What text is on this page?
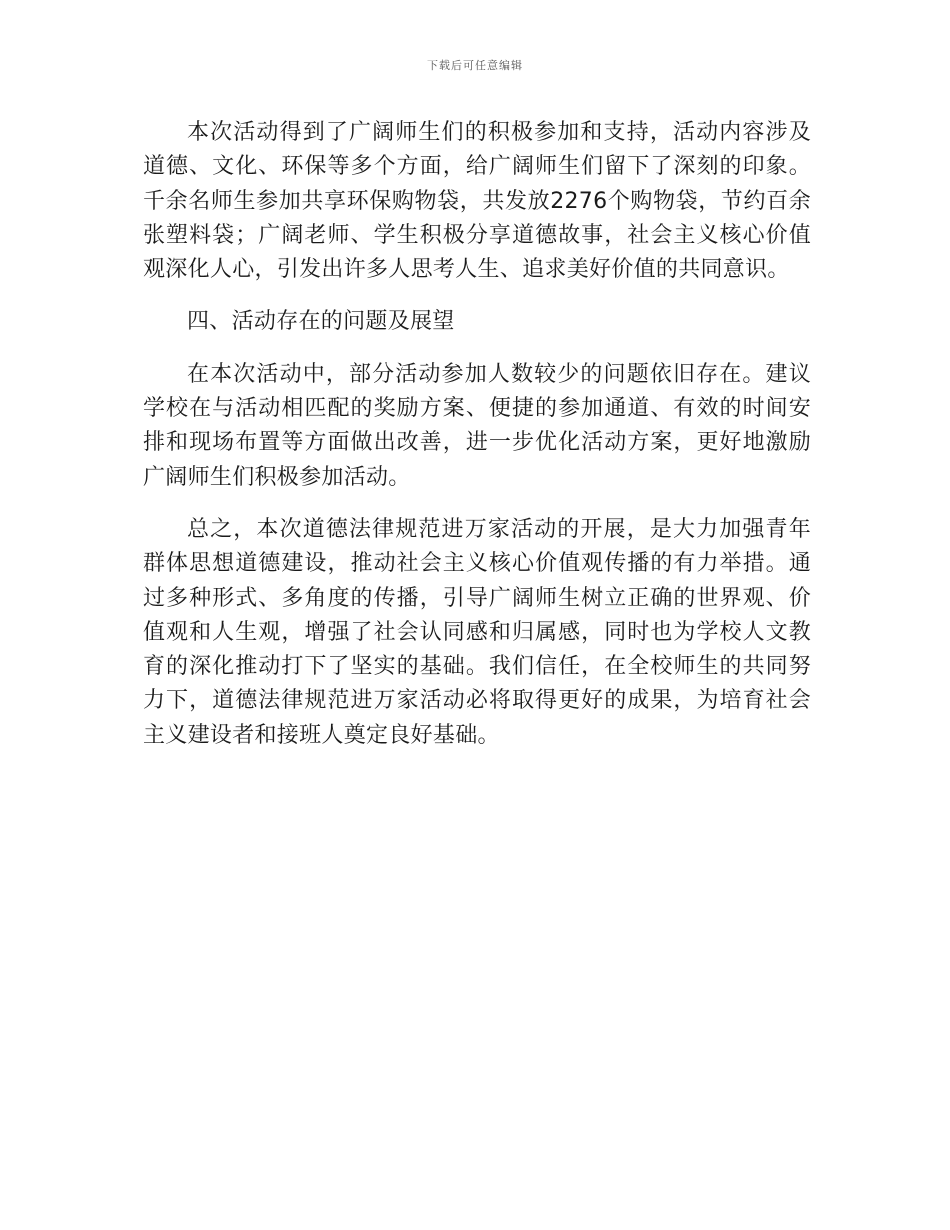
下载后可任意编辑

本次活动得到了广阔师生们的积极参加和支持，活动内容涉及道德、文化、环保等多个方面，给广阔师生们留下了深刻的印象。千余名师生参加共享环保购物袋，共发放2276个购物袋，节约百余张塑料袋；广阔老师、学生积极分享道德故事，社会主义核心价值观深化人心，引发出许多人思考人生、追求美好价值的共同意识。

四、活动存在的问题及展望

在本次活动中，部分活动参加人数较少的问题依旧存在。建议学校在与活动相匹配的奖励方案、便捷的参加通道、有效的时间安排和现场布置等方面做出改善，进一步优化活动方案，更好地激励广阔师生们积极参加活动。

总之，本次道德法律规范进万家活动的开展，是大力加强青年群体思想道德建设，推动社会主义核心价值观传播的有力举措。通过多种形式、多角度的传播，引导广阔师生树立正确的世界观、价值观和人生观，增强了社会认同感和归属感，同时也为学校人文教育的深化推动打下了坚实的基础。我们信任，在全校师生的共同努力下，道德法律规范进万家活动必将取得更好的成果，为培育社会主义建设者和接班人奠定良好基础。
